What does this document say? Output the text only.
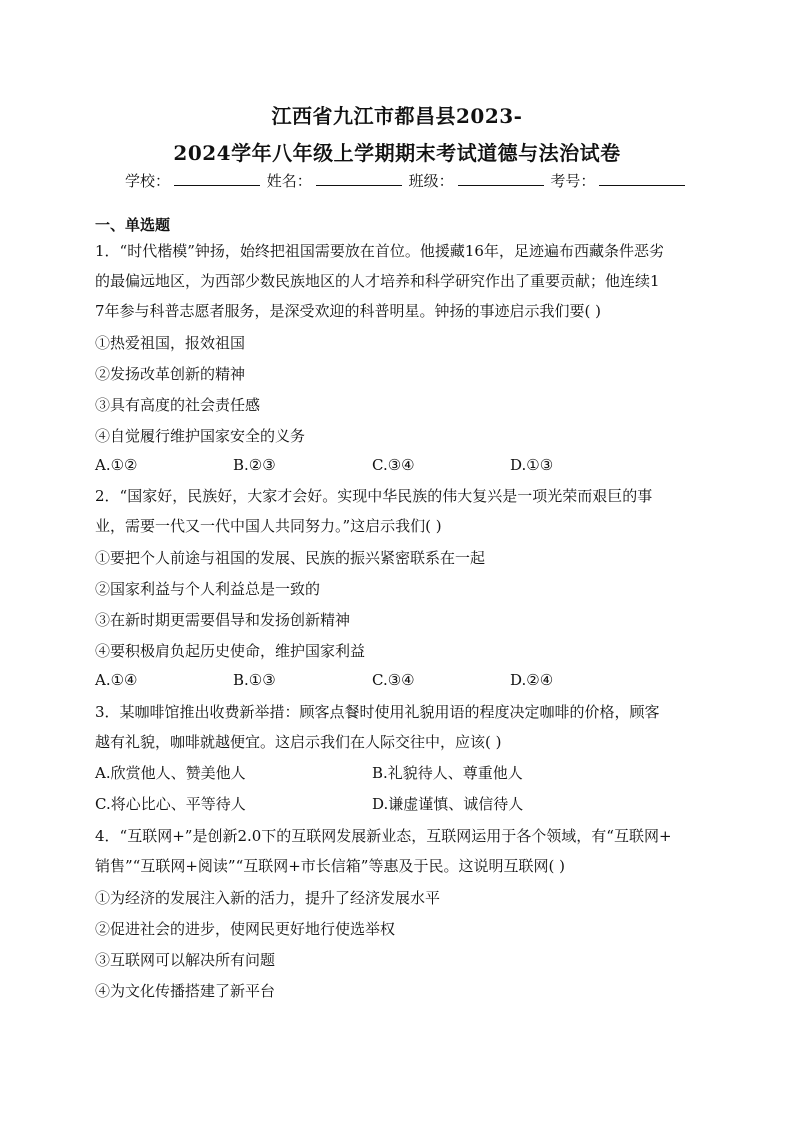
江西省九江市都昌县2023-
2024学年八年级上学期期末考试道德与法治试卷
学校：	姓名：	班级：	考号：
一、单选题
1．“时代楷模”钟扬，始终把祖国需要放在首位。他援藏16年，足迹遍布西藏条件恶劣
的最偏远地区，为西部少数民族地区的人才培养和科学研究作出了重要贡献；他连续1
7年参与科普志愿者服务，是深受欢迎的科普明星。钟扬的事迹启示我们要( )
①热爱祖国，报效祖国
②发扬改革创新的精神
③具有高度的社会责任感
④自觉履行维护国家安全的义务
A.①②	B.②③	C.③④	D.①③
2．“国家好，民族好，大家才会好。实现中华民族的伟大复兴是一项光荣而艰巨的事
业，需要一代又一代中国人共同努力。”这启示我们( )
①要把个人前途与祖国的发展、民族的振兴紧密联系在一起
②国家利益与个人利益总是一致的
③在新时期更需要倡导和发扬创新精神
④要积极肩负起历史使命，维护国家利益
A.①④	B.①③	C.③④	D.②④
3．某咖啡馆推出收费新举措：顾客点餐时使用礼貌用语的程度决定咖啡的价格，顾客
越有礼貌，咖啡就越便宜。这启示我们在人际交往中，应该( )
A.欣赏他人、赞美他人	B.礼貌待人、尊重他人
C.将心比心、平等待人	D.谦虚谨慎、诚信待人
4．“互联网+”是创新2.0下的互联网发展新业态，互联网运用于各个领域，有“互联网+
销售”“互联网+阅读”“互联网+市长信箱”等惠及于民。这说明互联网( )
①为经济的发展注入新的活力，提升了经济发展水平
②促进社会的进步，使网民更好地行使选举权
③互联网可以解决所有问题
④为文化传播搭建了新平台
